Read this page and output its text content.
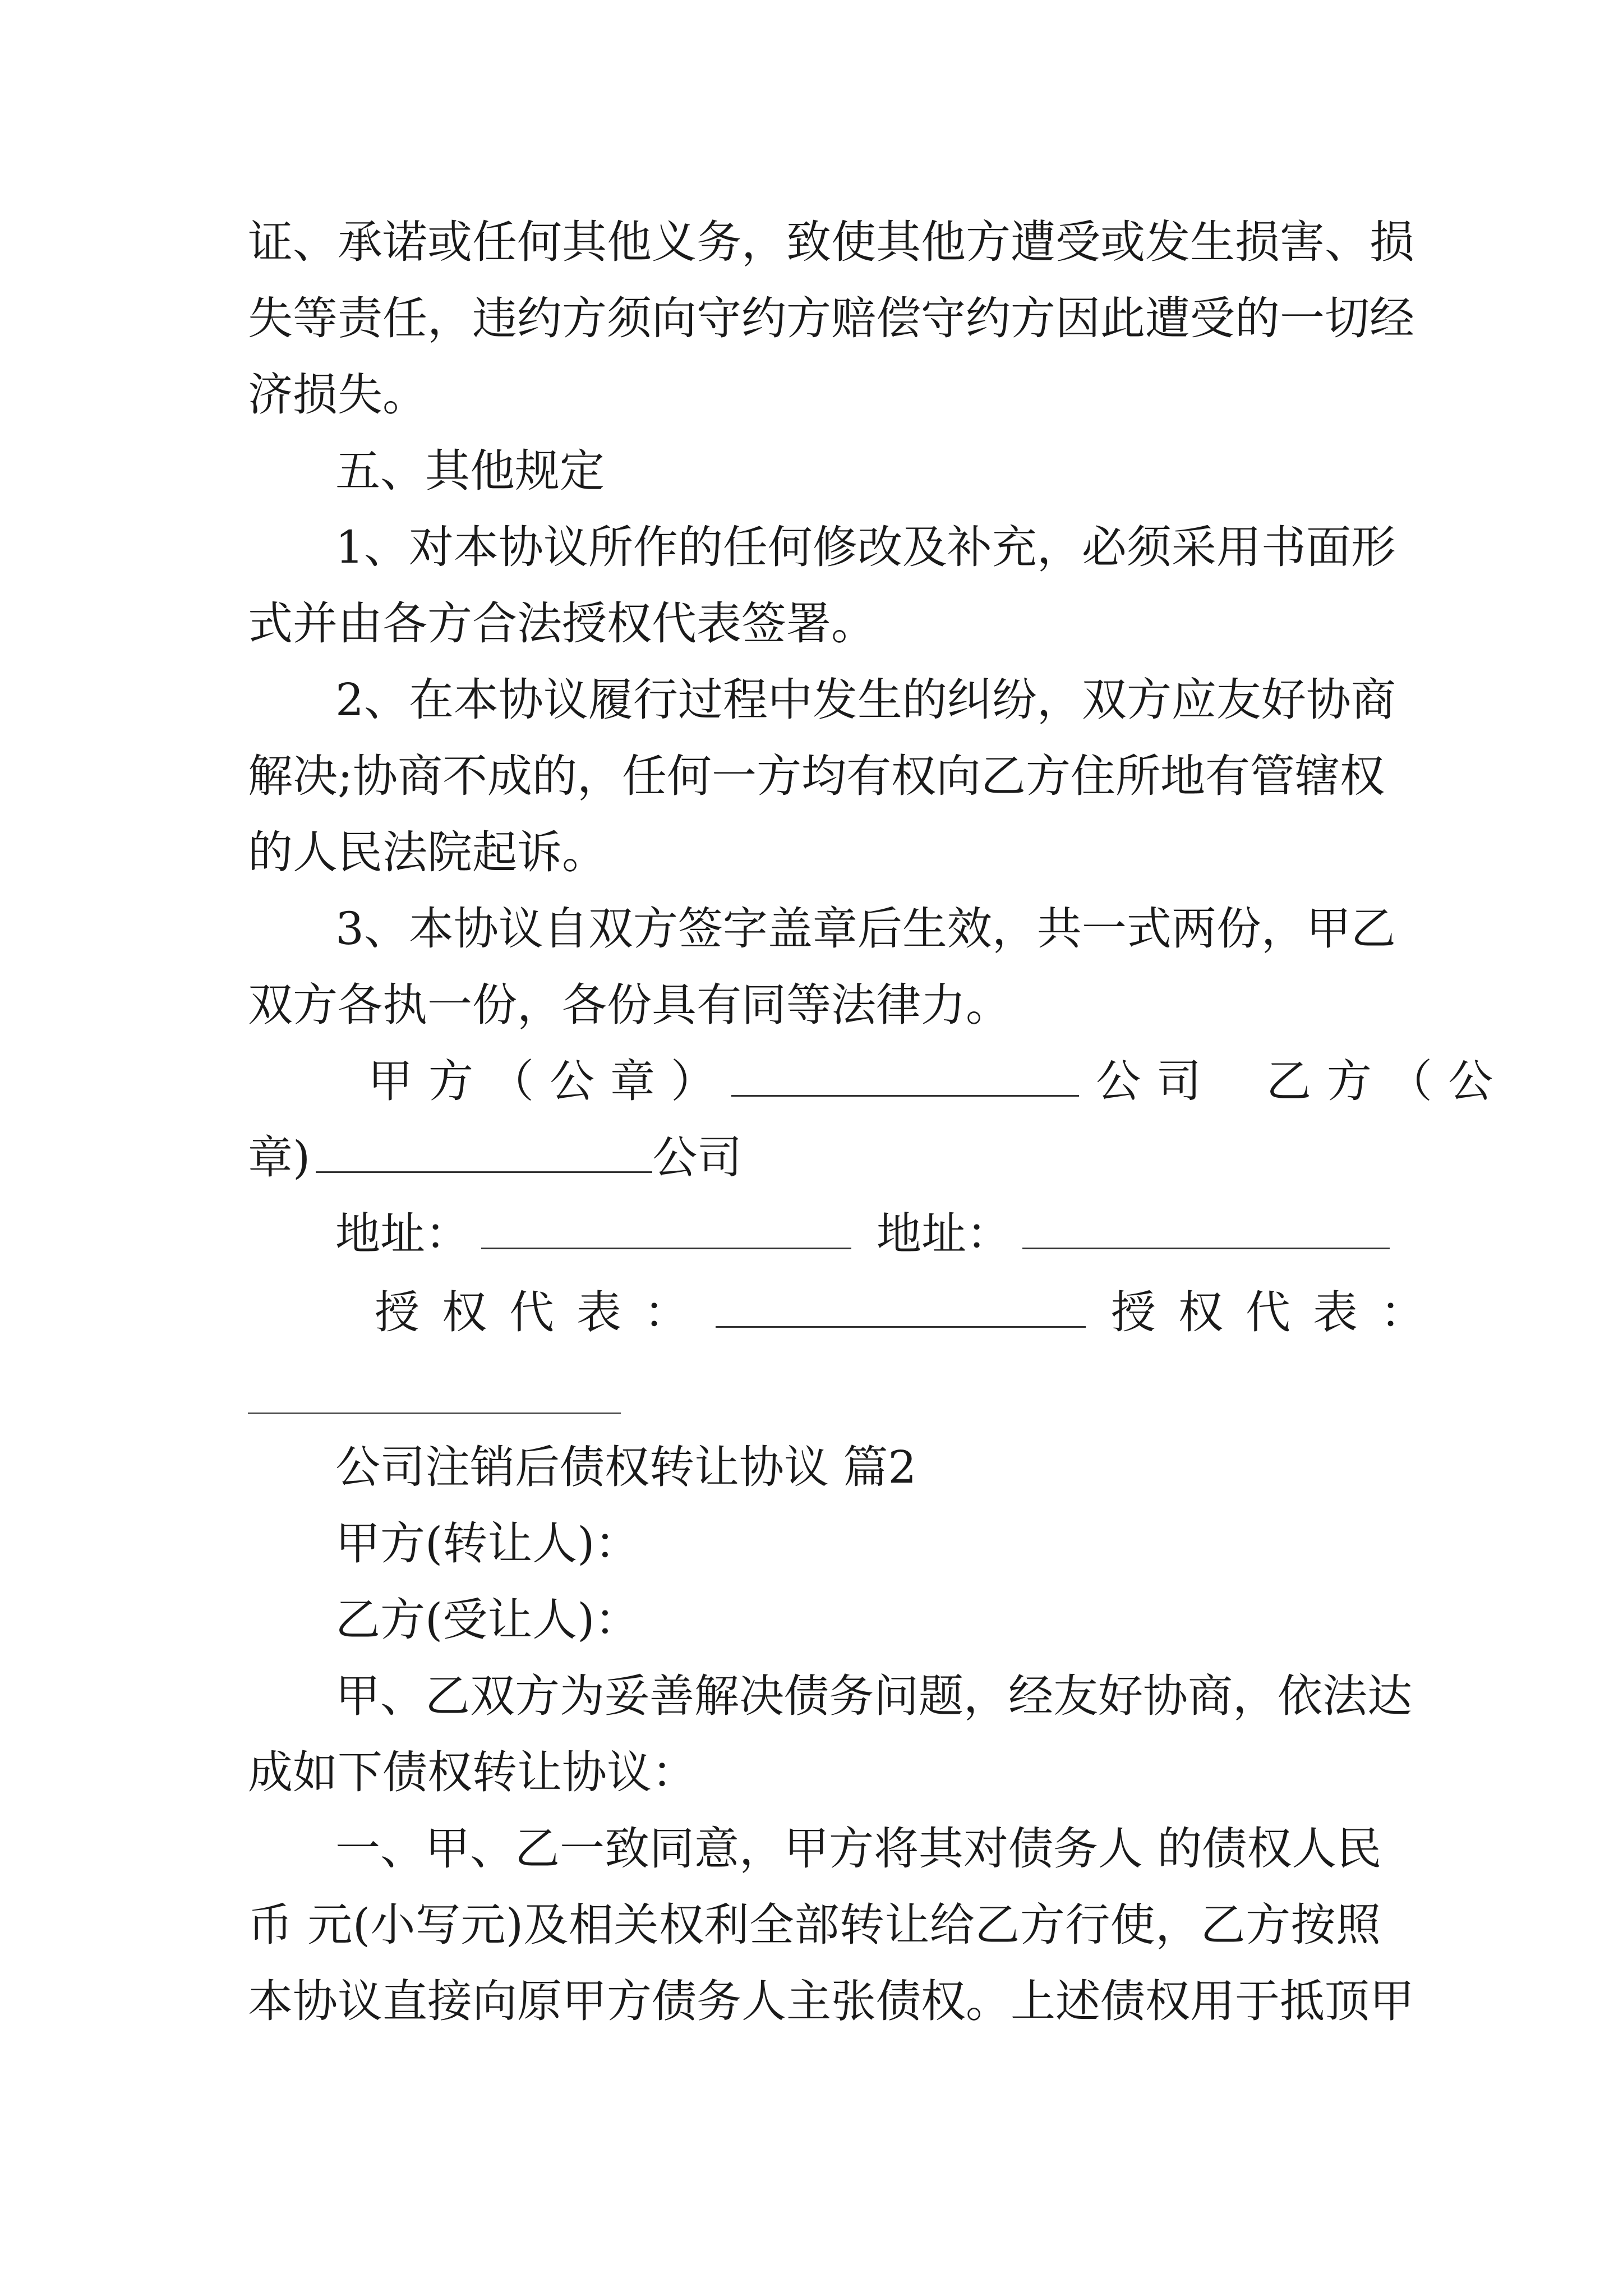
证、承诺或任何其他义务，致使其他方遭受或发生损害、损
失等责任，违约方须向守约方赔偿守约方因此遭受的一切经
济损失。
五、其他规定
1、对本协议所作的任何修改及补充，必须采用书面形
式并由各方合法授权代表签署。
2、在本协议履行过程中发生的纠纷，双方应友好协商
解决;协商不成的，任何一方均有权向乙方住所地有管辖权
的人民法院起诉。
3、本协议自双方签字盖章后生效，共一式两份，甲乙
双方各执一份，各份具有同等法律力。
甲方（公章）	公司 乙方（公
章)	公司
地址：	地址：
授权代表：	授权代表：
公司注销后债权转让协议 篇2
甲方(转让人)：
乙方(受让人)：
甲、乙双方为妥善解决债务问题，经友好协商，依法达
成如下债权转让协议：
一、甲、乙一致同意，甲方将其对债务人 的债权人民
币 元(小写元)及相关权利全部转让给乙方行使，乙方按照
本协议直接向原甲方债务人主张债权。上述债权用于抵顶甲
